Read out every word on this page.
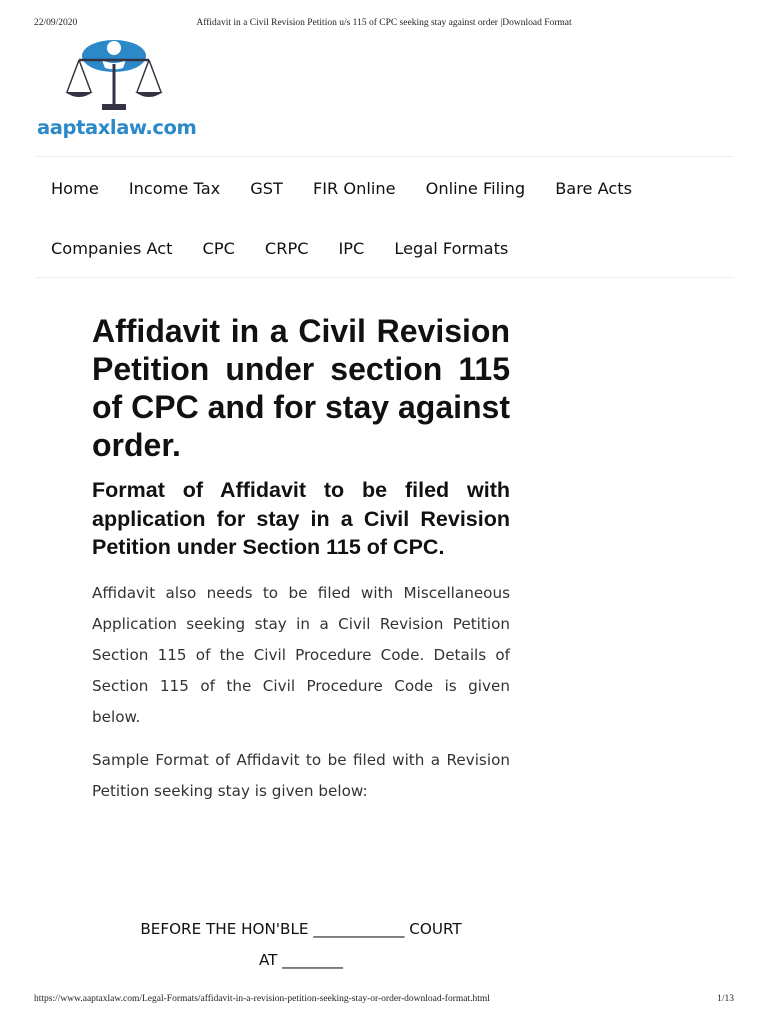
22/09/2020	Affidavit in a Civil Revision Petition u/s 115 of CPC seeking stay against order |Download Format
aaptaxlaw.com
Home Income Tax GST FIR Online Online Filing Bare Acts
Companies Act CPC CRPC IPC Legal Formats
Affidavit in a Civil Revision Petition under section 115 of CPC and for stay against order.
Format of Affidavit to be filed with application for stay in a Civil Revision Petition under Section 115 of CPC.

Affidavit also needs to be filed with Miscellaneous Application seeking stay in a Civil Revision Petition Section 115 of the Civil Procedure Code. Details of Section 115 of the Civil Procedure Code is given below.

Sample Format of Affidavit to be filed with a Revision Petition seeking stay is given below:

BEFORE THE HON'BLE ____________ COURT
AT ________
https://www.aaptaxlaw.com/Legal-Formats/affidavit-in-a-revision-petition-seeking-stay-or-order-download-format.html	1/13
